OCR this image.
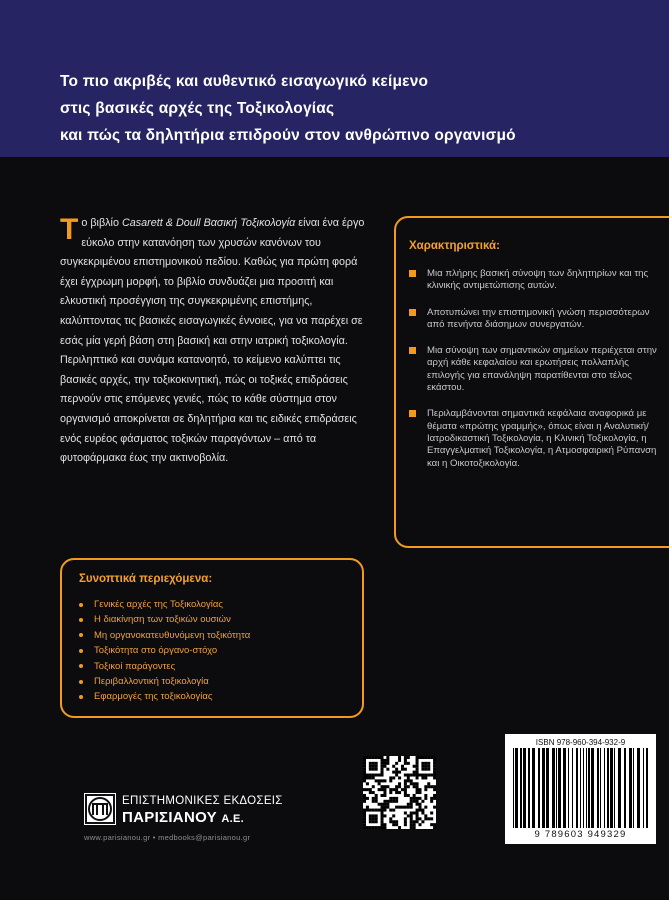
Το πιο ακριβές και αυθεντικό εισαγωγικό κείμενο
στις βασικές αρχές της Τοξικολογίας
και πώς τα δηλητήρια επιδρούν στον ανθρώπινο οργανισμό
Το βιβλίο Casarett & Doull Βασική Τοξικολογία είναι ένα έργο εύκολο στην κατανόηση των χρυσών κανόνων του συγκεκριμένου επιστημονικού πεδίου. Καθώς για πρώτη φορά έχει έγχρωμη μορφή, το βιβλίο συνδυάζει μια προσιτή και ελκυστική προσέγγιση της συγκεκριμένης επιστήμης, καλύπτοντας τις βασικές εισαγωγικές έννοιες, για να παρέχει σε εσάς μία γερή βάση στη βασική και στην ιατρική τοξικολογία. Περιληπτικό και συνάμα κατανοητό, το κείμενο καλύπτει τις βασικές αρχές, την τοξικοκινητική, πώς οι τοξικές επιδράσεις περνούν στις επόμενες γενιές, πώς το κάθε σύστημα στον οργανισμό αποκρίνεται σε δηλητήρια και τις ειδικές επιδράσεις ενός ευρέος φάσματος τοξικών παραγόντων – από τα φυτοφάρμακα έως την ακτινοβολία.
Χαρακτηριστικά:
Μια πλήρης βασική σύνοψη των δηλητηρίων και της κλινικής αντιμετώπισης αυτών.
Αποτυπώνει την επιστημονική γνώση περισσότερων από πενήντα διάσημων συνεργατών.
Μια σύνοψη των σημαντικών σημείων περιέχεται στην αρχή κάθε κεφαλαίου και ερωτήσεις πολλαπλής επιλογής για επανάληψη παρατίθενται στο τέλος εκάστου.
Περιλαμβάνονται σημαντικά κεφάλαια αναφορικά με θέματα «πρώτης γραμμής», όπως είναι η Αναλυτική/ Ιατροδικαστική Τοξικολογία, η Κλινική Τοξικολογία, η Επαγγελματική Τοξικολογία, η Ατμοσφαιρική Ρύπανση και η Οικοτοξικολογία.
Συνοπτικά περιεχόμενα:
Γενικές αρχές της Τοξικολογίας
Η διακίνηση των τοξικών ουσιών
Μη οργανοκατευθυνόμενη τοξικότητα
Τοξικότητα στο όργανο-στόχο
Τοξικοί παράγοντες
Περιβαλλοντική τοξικολογία
Εφαρμογές της τοξικολογίας
ΕΠΙΣΤΗΜΟΝΙΚΕΣ ΕΚΔΟΣΕΙΣ
ΠΑΡΙΣΙΑΝΟΥ Α.Ε.
www.parisianou.gr • medbooks@parisianou.gr
ISBN 978-960-394-932-9
9 789603 949329
